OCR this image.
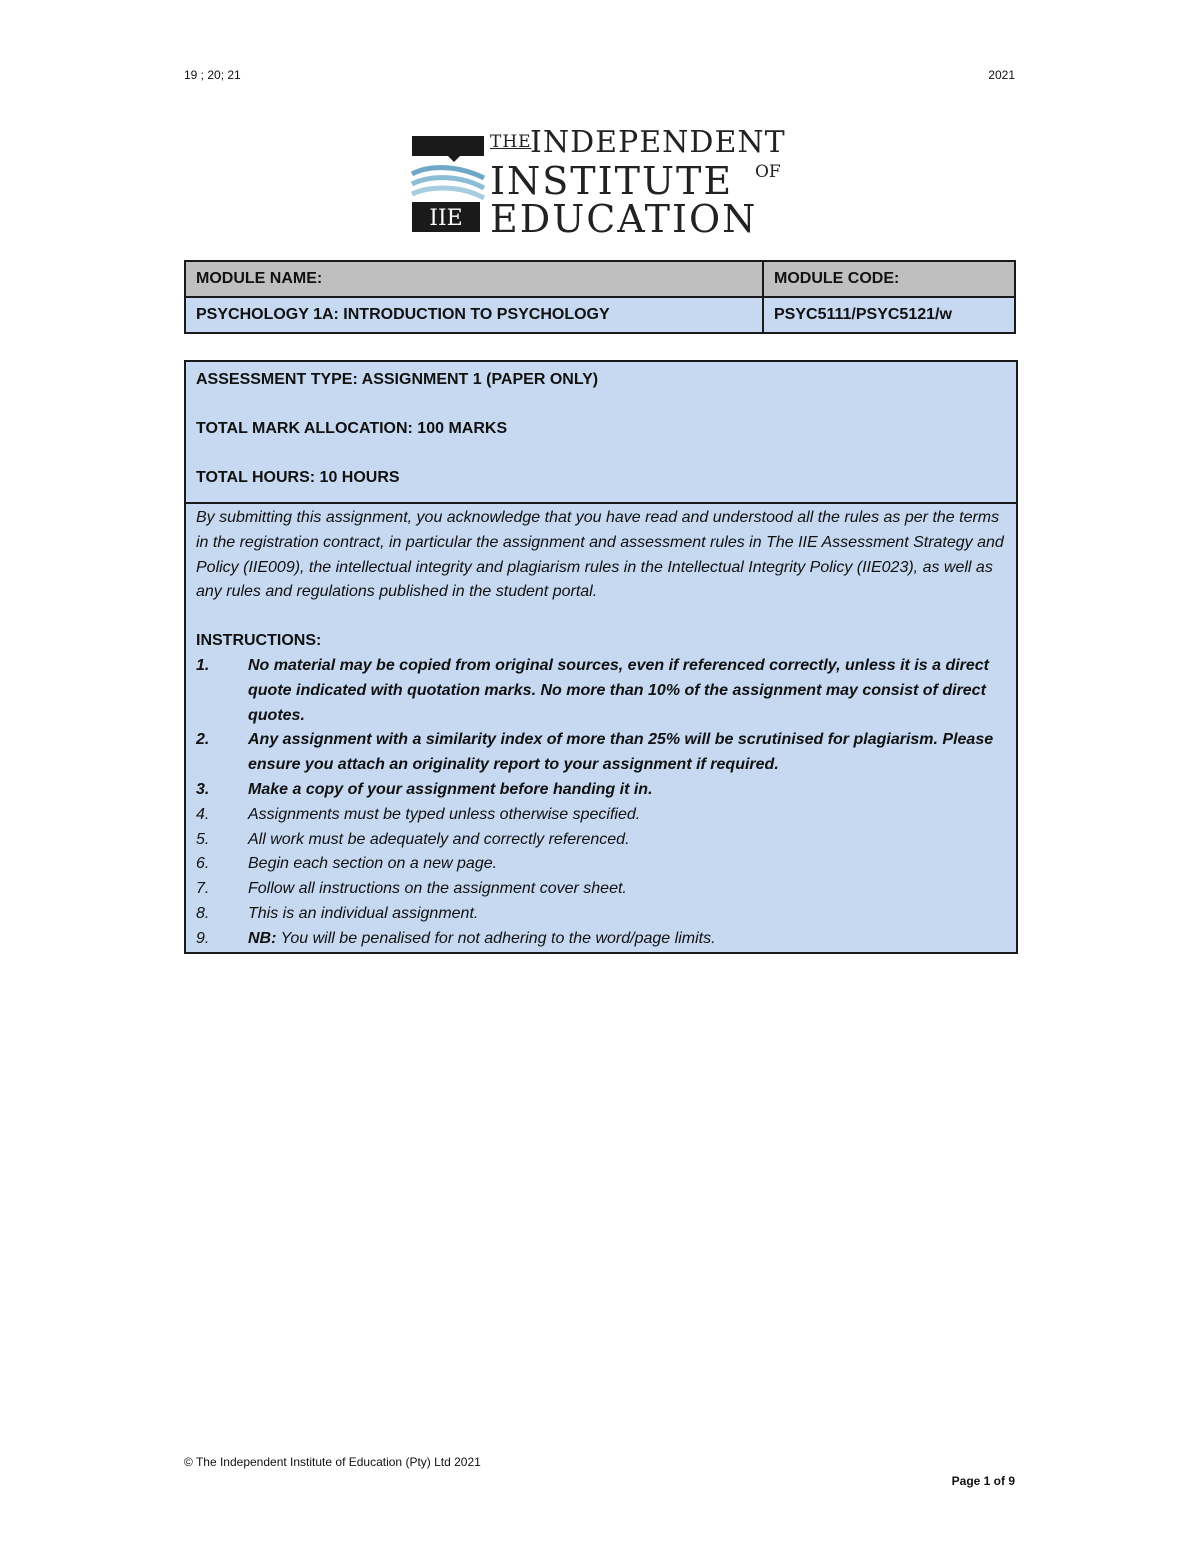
19 ; 20; 21	2021
IIE
THE
INDEPENDENT
INSTITUTE OF
EDUCATION
MODULE NAME:	MODULE CODE:
PSYCHOLOGY 1A: INTRODUCTION TO PSYCHOLOGY	PSYC5111/PSYC5121/w
ASSESSMENT TYPE: ASSIGNMENT 1 (PAPER ONLY)
TOTAL MARK ALLOCATION: 100 MARKS
TOTAL HOURS: 10 HOURS

By submitting this assignment, you acknowledge that you have read and understood all the rules as per the terms in the registration contract, in particular the assignment and assessment rules in The IIE Assessment Strategy and Policy (IIE009), the intellectual integrity and plagiarism rules in the Intellectual Integrity Policy (IIE023), as well as any rules and regulations published in the student portal.

INSTRUCTIONS:
1. No material may be copied from original sources, even if referenced correctly, unless it is a direct quote indicated with quotation marks. No more than 10% of the assignment may consist of direct quotes.
2. Any assignment with a similarity index of more than 25% will be scrutinised for plagiarism. Please ensure you attach an originality report to your assignment if required.
3. Make a copy of your assignment before handing it in.
4. Assignments must be typed unless otherwise specified.
5. All work must be adequately and correctly referenced.
6. Begin each section on a new page.
7. Follow all instructions on the assignment cover sheet.
8. This is an individual assignment.
9. NB: You will be penalised for not adhering to the word/page limits.
© The Independent Institute of Education (Pty) Ltd 2021
Page 1 of 9
